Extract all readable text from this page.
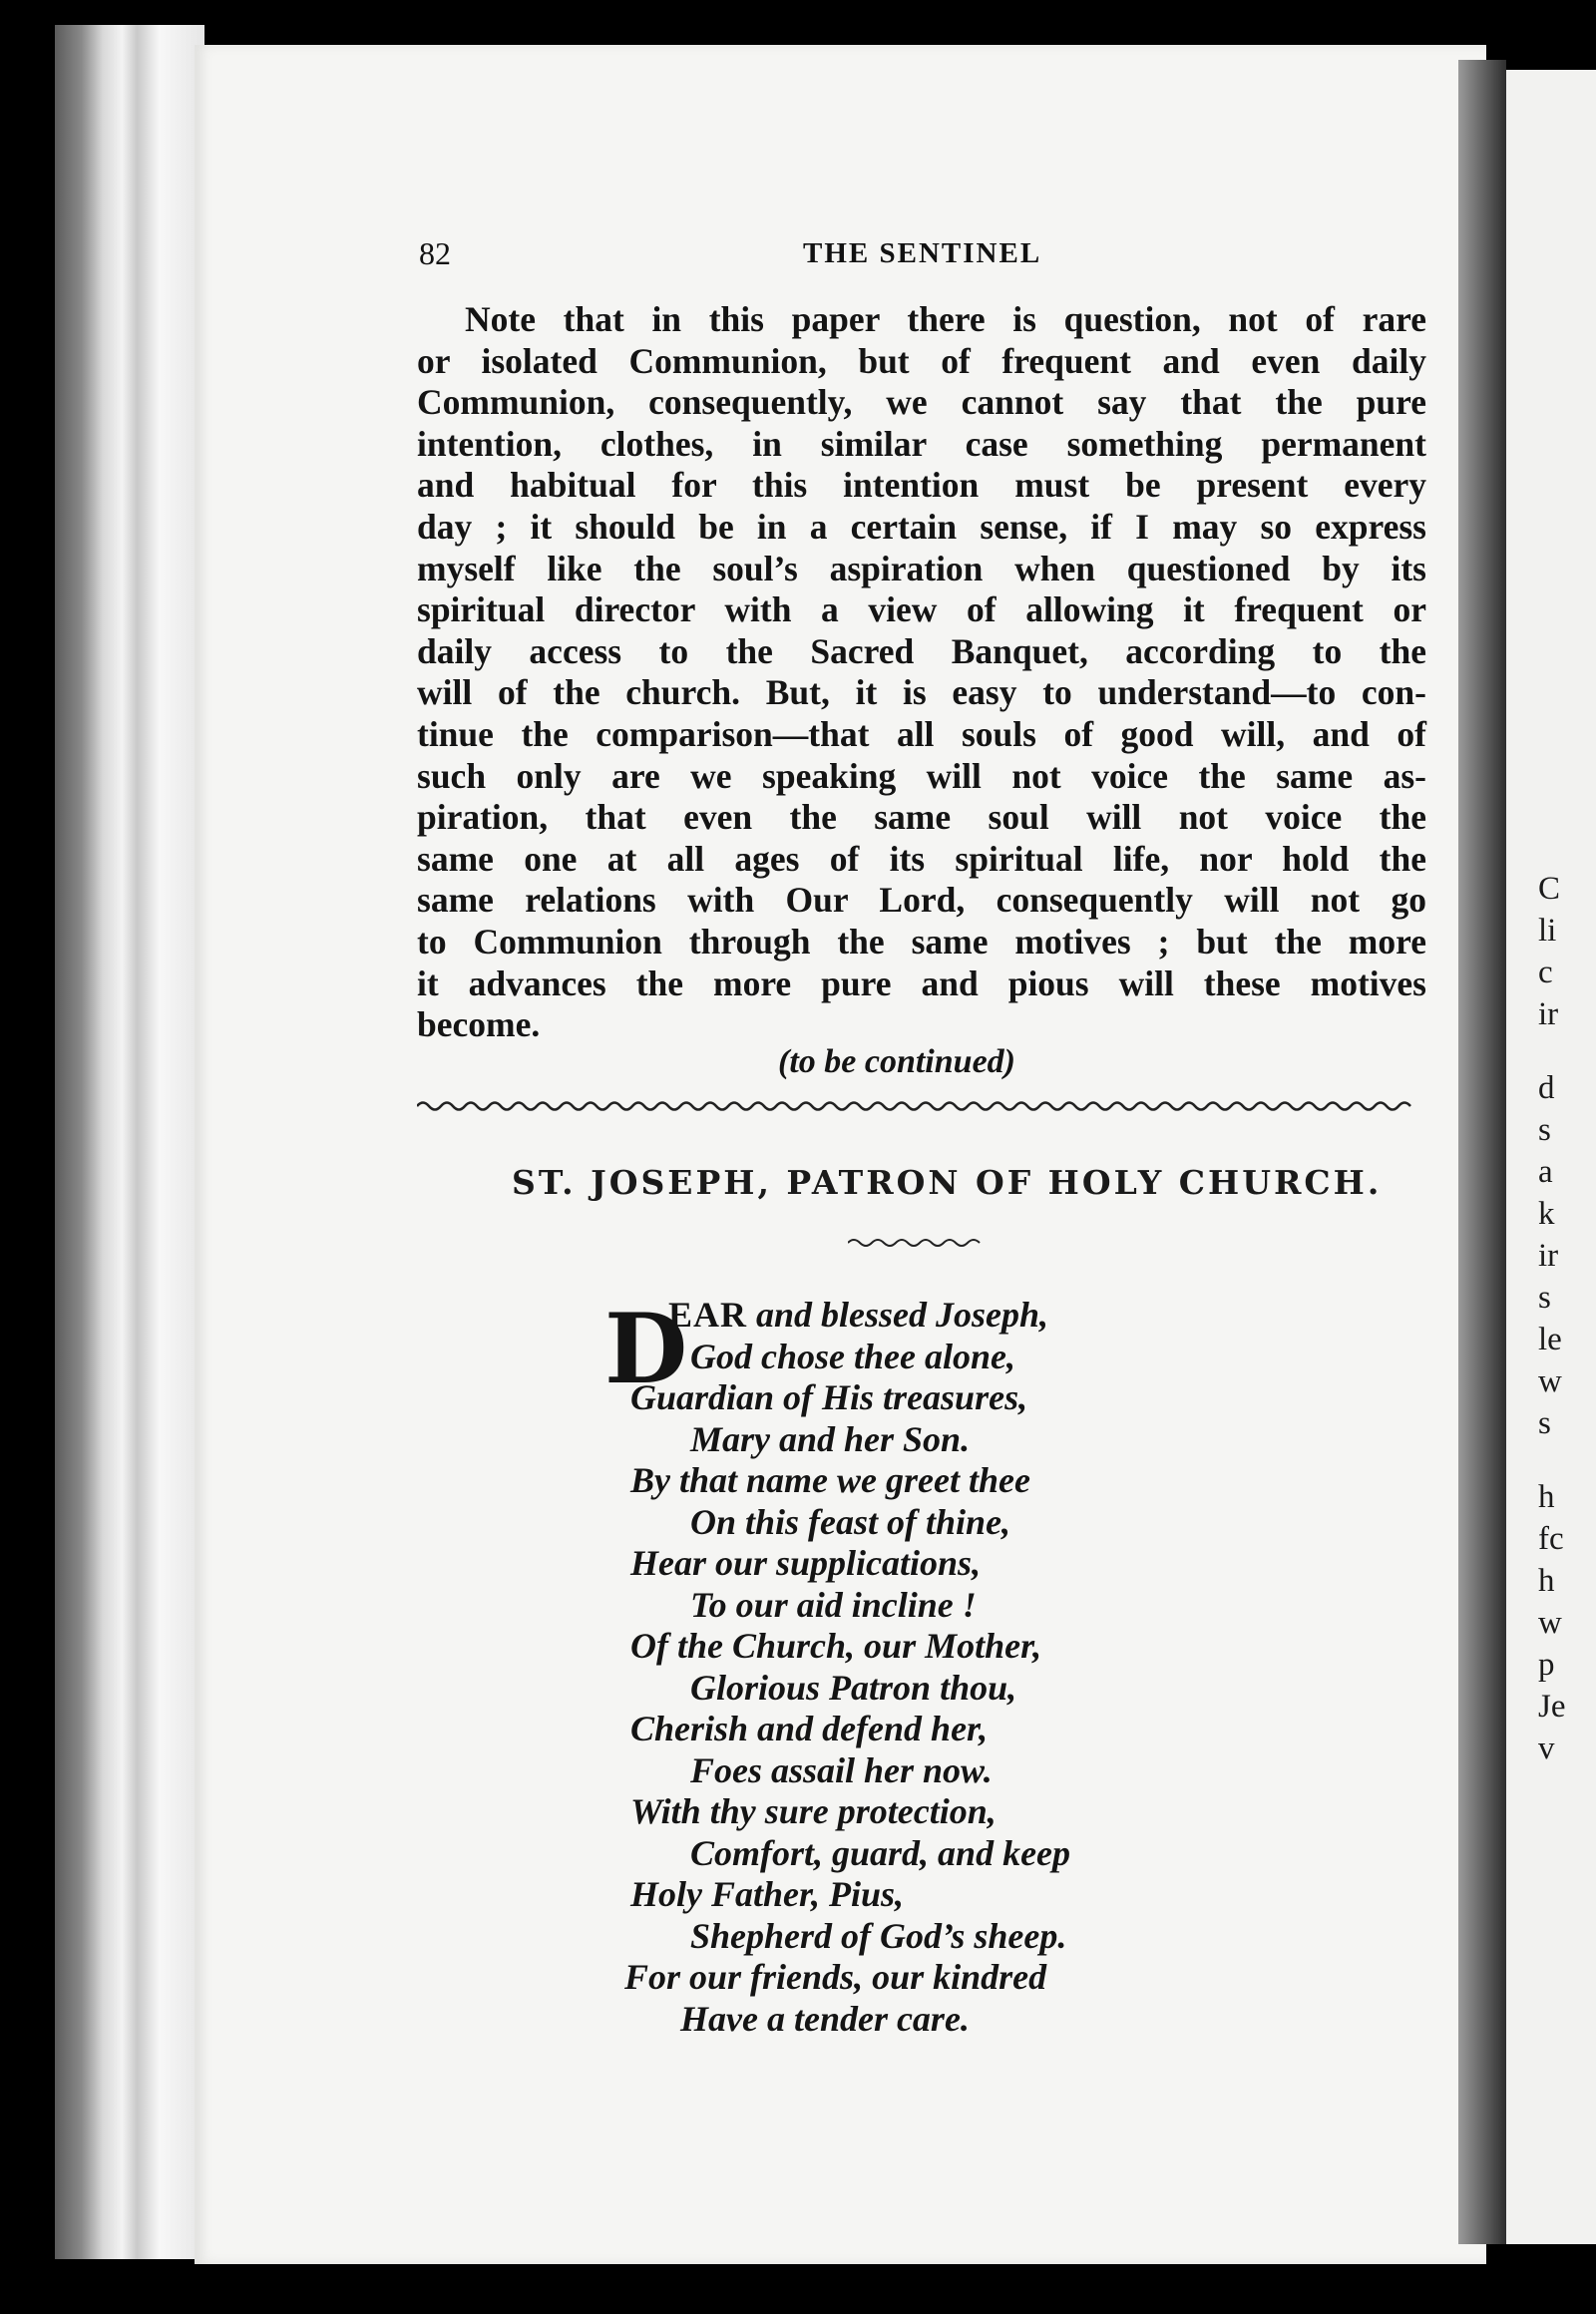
C
li
c
ir
d
s
a
k
ir
s
le
w
s
h
fc
h
w
p
Je
v
82	THE SENTINEL
Note that in this paper there is question, not of rare
or isolated Communion, but of frequent and even daily
Communion, consequently, we cannot say that the pure
intention, clothes, in similar case something permanent
and habitual for this intention must be present every
day ; it should be in a certain sense, if I may so express
myself like the soul’s aspiration when questioned by its
spiritual director with a view of allowing it frequent or
daily access to the Sacred Banquet, according to the
will of the church. But, it is easy to understand—to con-
tinue the comparison—that all souls of good will, and of
such only are we speaking will not voice the same as-
piration, that even the same soul will not voice the
same one at all ages of its spiritual life, nor hold the
same relations with Our Lord, consequently will not go
to Communion through the same motives ; but the more
it advances the more pure and pious will these motives
become.
(to be continued)
ST. JOSEPH, PATRON OF HOLY CHURCH.
D
EAR and blessed Joseph,
God chose thee alone,
Guardian of His treasures,
Mary and her Son.
By that name we greet thee
On this feast of thine,
Hear our supplications,
To our aid incline !
Of the Church, our Mother,
Glorious Patron thou,
Cherish and defend her,
Foes assail her now.
With thy sure protection,
Comfort, guard, and keep
Holy Father, Pius,
Shepherd of God’s sheep.
For our friends, our kindred
Have a tender care.
